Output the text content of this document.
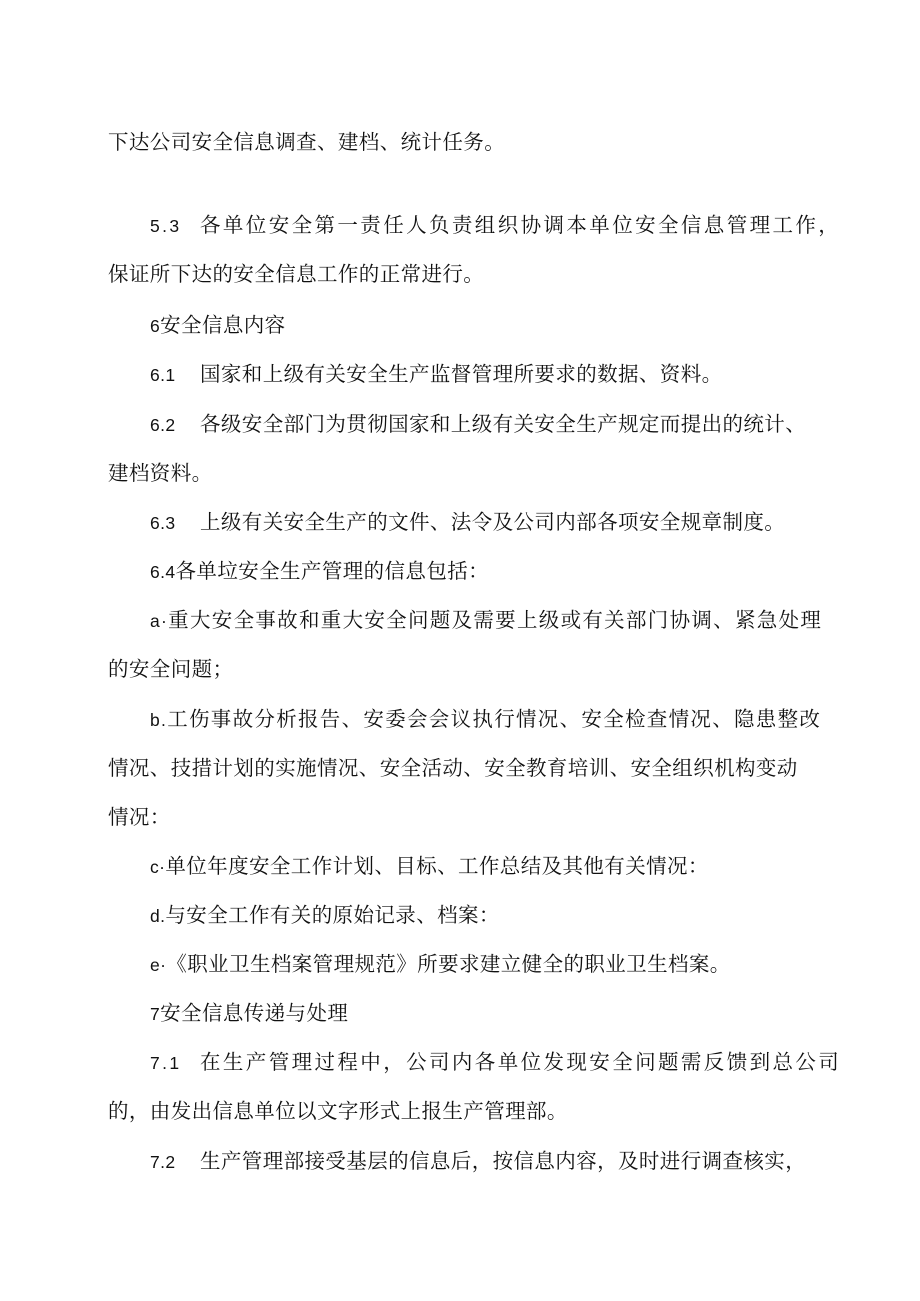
下达公司安全信息调查、建档、统计任务。
5.3 各单位安全第一责任人负责组织协调本单位安全信息管理工作，
保证所下达的安全信息工作的正常进行。
6安全信息内容
6.1 国家和上级有关安全生产监督管理所要求的数据、资料。
6.2 各级安全部门为贯彻国家和上级有关安全生产规定而提出的统计、
建档资料。
6.3 上级有关安全生产的文件、法令及公司内部各项安全规章制度。
6.4各单垃安全生产管理的信息包括：
a·重大安全事故和重大安全问题及需要上级或有关部门协调、紧急处理
的安全问题；
b.工伤事故分析报告、安委会会议执行情况、安全检查情况、隐患整改
情况、技措计划的实施情况、安全活动、安全教育培训、安全组织机构变动
情况：
c·单位年度安全工作计划、目标、工作总结及其他有关情况：
d.与安全工作有关的原始记录、档案：
e·《职业卫生档案管理规范》所要求建立健全的职业卫生档案。
7安全信息传递与处理
7.1 在生产管理过程中，公司内各单位发现安全问题需反馈到总公司
的，由发出信息单位以文字形式上报生产管理部。
7.2 生产管理部接受基层的信息后，按信息内容，及时进行调查核实，
